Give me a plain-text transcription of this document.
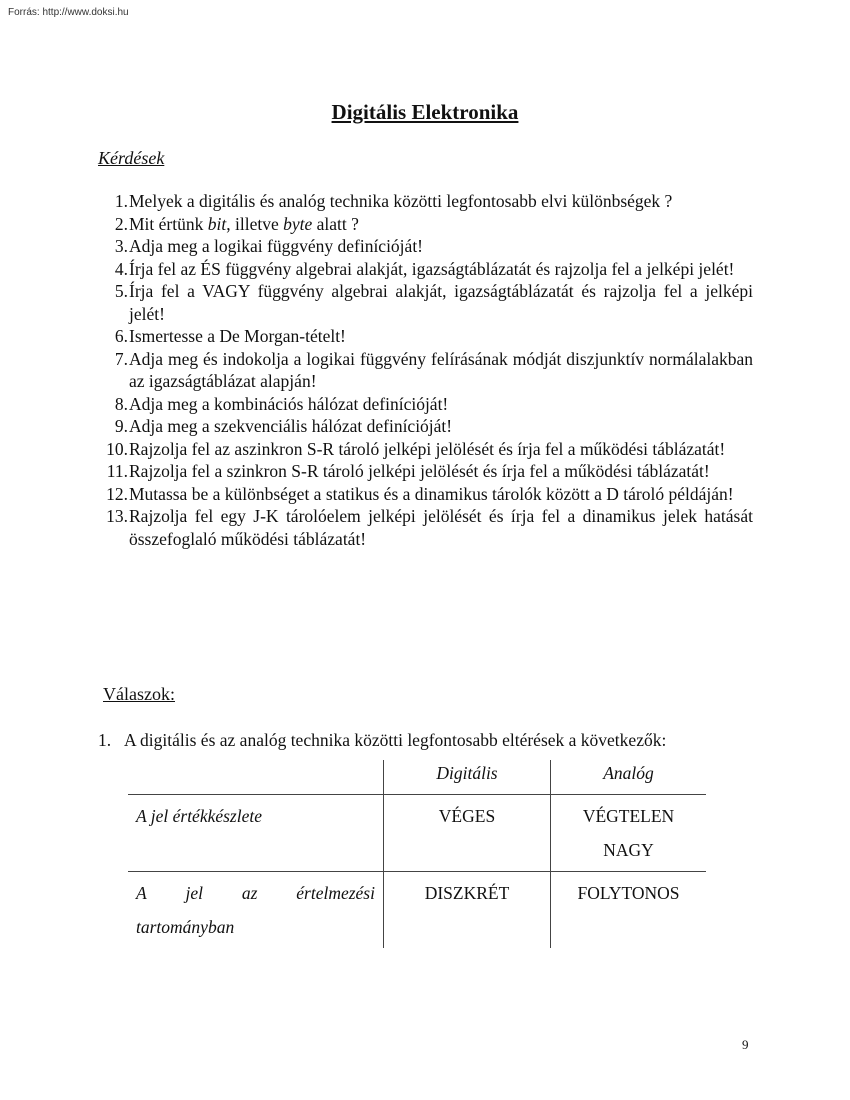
Forrás: http://www.doksi.hu
Digitális Elektronika
Kérdések
1. Melyek a digitális és analóg technika közötti legfontosabb elvi különbségek ?
2. Mit értünk bit, illetve byte alatt ?
3. Adja meg a logikai függvény definícióját!
4. Írja fel az ÉS függvény algebrai alakját, igazságtáblázatát és rajzolja fel a jelképi jelét!
5. Írja fel a VAGY függvény algebrai alakját, igazságtáblázatát és rajzolja fel a jelképi jelét!
6. Ismertesse a De Morgan-tételt!
7. Adja meg és indokolja a logikai függvény felírásának módját diszjunktív normálalakban az igazságtáblázat alapján!
8. Adja meg a kombinációs hálózat definícióját!
9. Adja meg a szekvenciális hálózat definícióját!
10. Rajzolja fel az aszinkron S-R tároló jelképi jelölését és írja fel a működési táblázatát!
11. Rajzolja fel a szinkron S-R tároló jelképi jelölését és írja fel a működési táblázatát!
12. Mutassa be a különbséget a statikus és a dinamikus tárolók között a D tároló példáján!
13. Rajzolja fel egy J-K tárolóelem jelképi jelölését és írja fel a dinamikus jelek hatását összefoglaló működési táblázatát!
Válaszok:
1. A digitális és az analóg technika közötti legfontosabb eltérések a következők:
	Digitális	Analóg
A jel értékkészlete	VÉGES	VÉGTELEN
NAGY

A jel az értelmezési
tartományban	DISZKRÉT	FOLYTONOS
9
